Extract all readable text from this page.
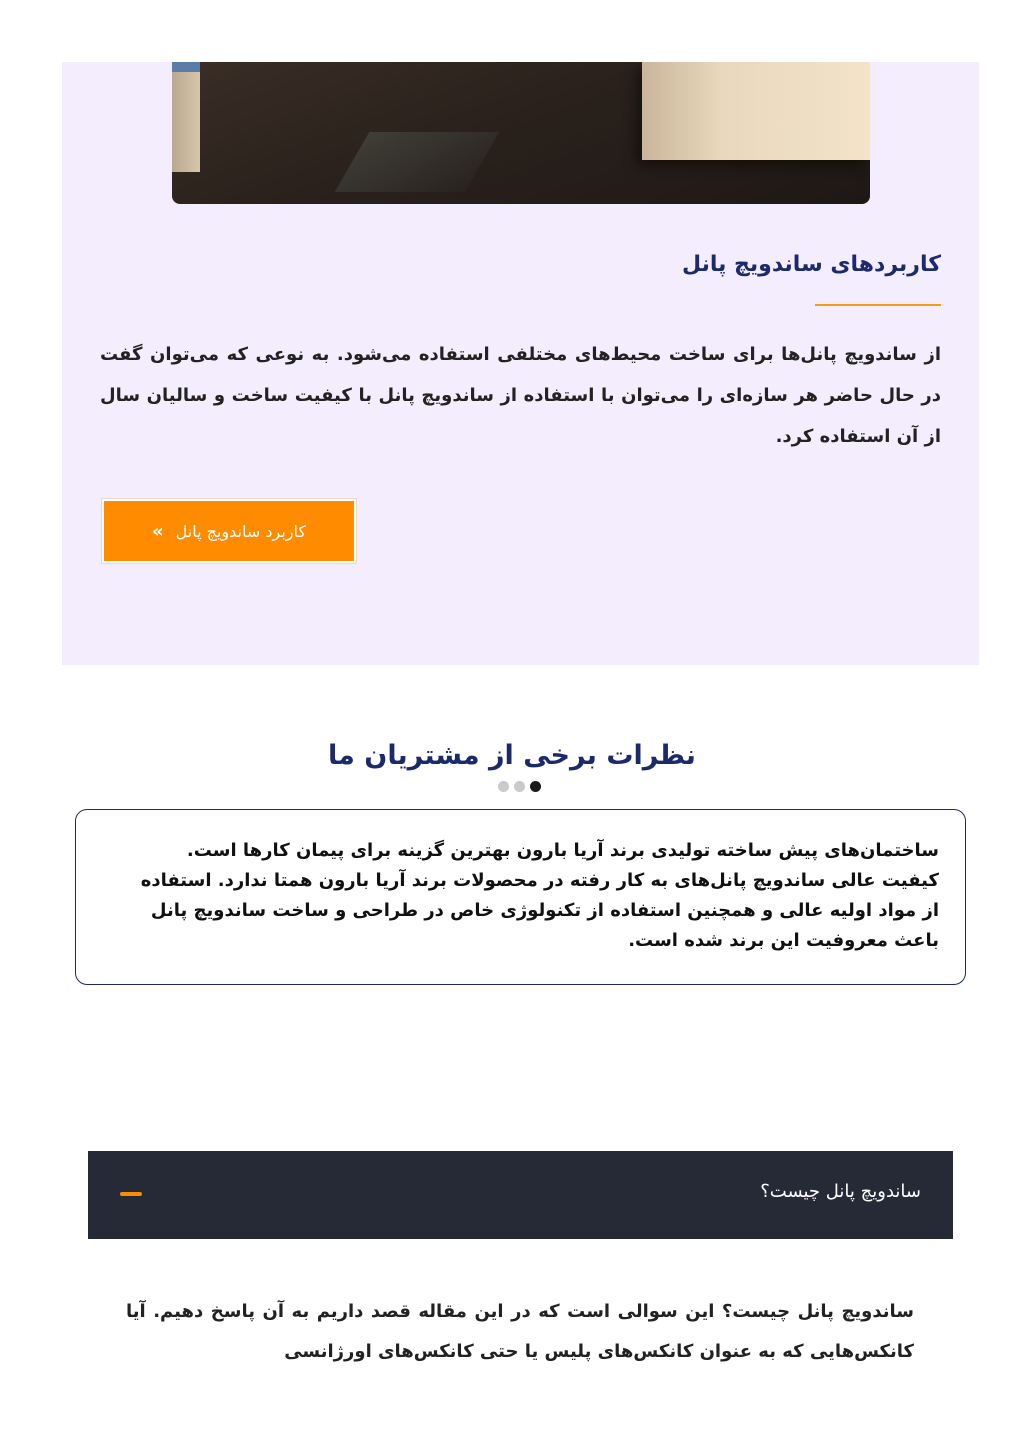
کاربردهای ساندویچ پانل

از ساندویچ پانل‌ها برای ساخت محیط‌های مختلفی استفاده می‌شود. به نوعی که می‌توان گفت در حال حاضر هر سازه‌ای را می‌توان با استفاده از ساندویچ پانل با کیفیت ساخت و سالیان سال از آن استفاده کرد.

کاربرد ساندویچ پانل
»
نظرات برخی از مشتریان ما

ساختمان‌های پیش ساخته تولیدی برند آریا بارون بهترین گزینه برای پیمان کارها است. کیفیت عالی ساندویچ پانل‌های به کار رفته در محصولات برند آریا بارون همتا ندارد. استفاده از مواد اولیه عالی و همچنین استفاده از تکنولوژی خاص در طراحی و ساخت ساندویچ پانل باعث معروفیت این برند شده است.

ساندویچ پانل چیست؟

ساندویچ پانل چیست؟ این سوالی است که در این مقاله قصد داریم به آن پاسخ دهیم. آیا کانکس‌هایی که به عنوان کانکس‌های پلیس یا حتی کانکس‌های اورژانسی
